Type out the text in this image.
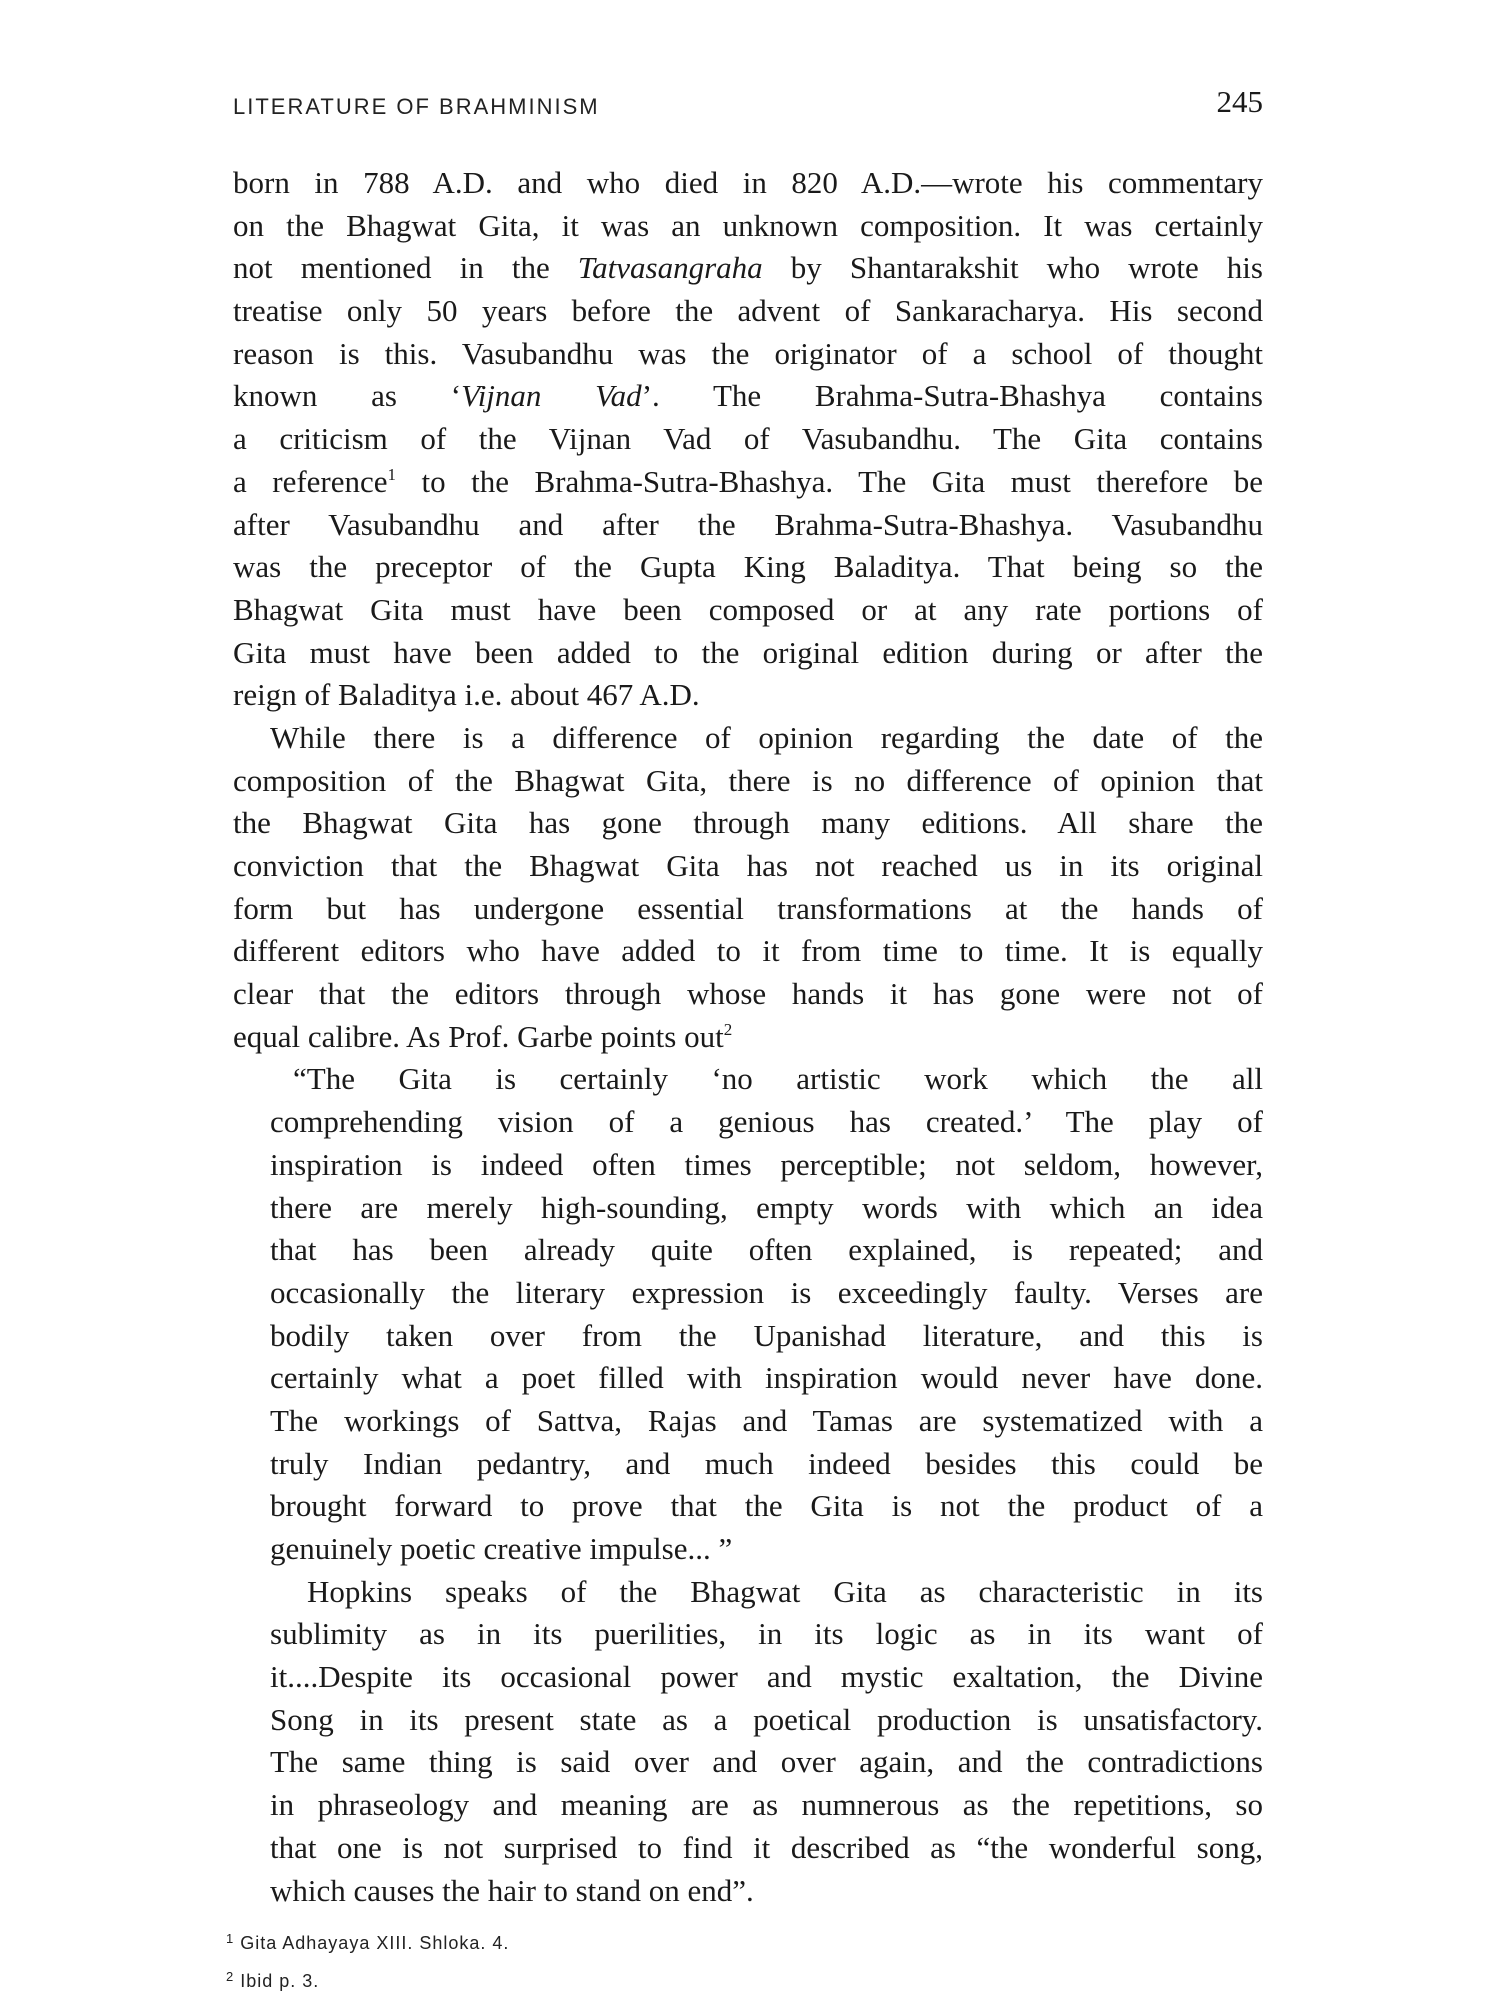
LITERATURE OF BRAHMINISM	245
born in 788 A.D. and who died in 820 A.D.—wrote his commentary
on the Bhagwat Gita, it was an unknown composition. It was certainly
not mentioned in the Tatvasangraha by Shantarakshit who wrote his
treatise only 50 years before the advent of Sankaracharya. His second
reason is this. Vasubandhu was the originator of a school of thought
known as ‘Vijnan Vad’. The Brahma-Sutra-Bhashya contains
a criticism of the Vijnan Vad of Vasubandhu. The Gita contains
a reference$^1$ to the Brahma-Sutra-Bhashya. The Gita must therefore be
after Vasubandhu and after the Brahma-Sutra-Bhashya. Vasubandhu
was the preceptor of the Gupta King Baladitya. That being so the
Bhagwat Gita must have been composed or at any rate portions of
Gita must have been added to the original edition during or after the
reign of Baladitya i.e. about 467 A.D.
While there is a difference of opinion regarding the date of the
composition of the Bhagwat Gita, there is no difference of opinion that
the Bhagwat Gita has gone through many editions. All share the
conviction that the Bhagwat Gita has not reached us in its original
form but has undergone essential transformations at the hands of
different editors who have added to it from time to time. It is equally
clear that the editors through whose hands it has gone were not of
equal calibre. As Prof. Garbe points out$^2$
“The Gita is certainly ‘no artistic work which the all
comprehending vision of a genious has created.’ The play of
inspiration is indeed often times perceptible; not seldom, however,
there are merely high-sounding, empty words with which an idea
that has been already quite often explained, is repeated; and
occasionally the literary expression is exceedingly faulty. Verses are
bodily taken over from the Upanishad literature, and this is
certainly what a poet filled with inspiration would never have done.
The workings of Sattva, Rajas and Tamas are systematized with a
truly Indian pedantry, and much indeed besides this could be
brought forward to prove that the Gita is not the product of a
genuinely poetic creative impulse... ”
Hopkins speaks of the Bhagwat Gita as characteristic in its
sublimity as in its puerilities, in its logic as in its want of
it....Despite its occasional power and mystic exaltation, the Divine
Song in its present state as a poetical production is unsatisfactory.
The same thing is said over and over again, and the contradictions
in phraseology and meaning are as numnerous as the repetitions, so
that one is not surprised to find it described as “the wonderful song,
which causes the hair to stand on end”.
$^1$ Gita Adhayaya XIII. Shloka. 4.
$^2$ Ibid p. 3.
